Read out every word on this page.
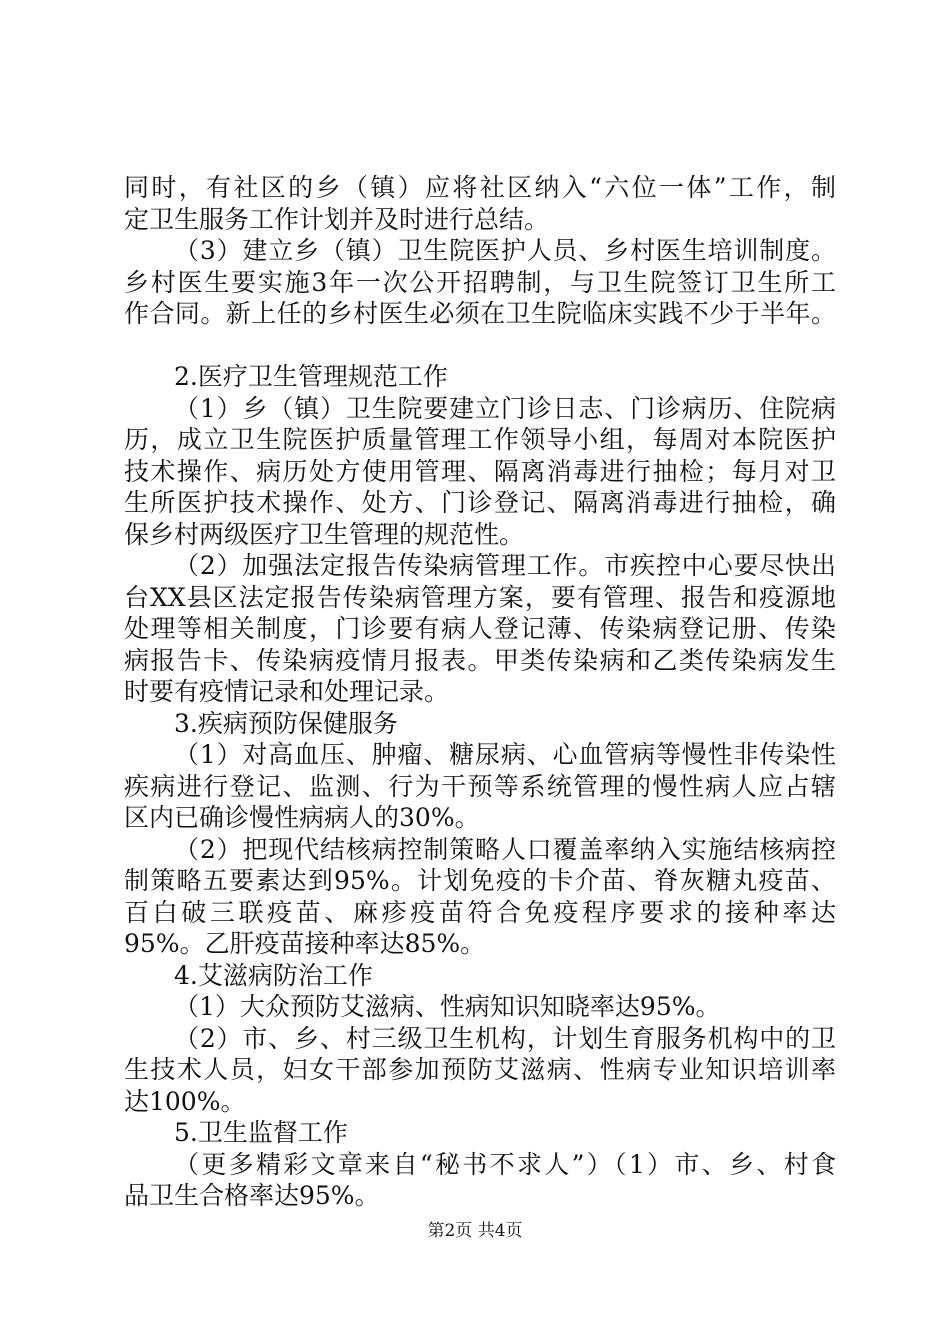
同时，有社区的乡（镇）应将社区纳入“六位一体”工作，制
定卫生服务工作计划并及时进行总结。
（3）建立乡（镇）卫生院医护人员、乡村医生培训制度。
乡村医生要实施3年一次公开招聘制，与卫生院签订卫生所工
作合同。新上任的乡村医生必须在卫生院临床实践不少于半年。
2.医疗卫生管理规范工作
（1）乡（镇）卫生院要建立门诊日志、门诊病历、住院病
历，成立卫生院医护质量管理工作领导小组，每周对本院医护
技术操作、病历处方使用管理、隔离消毒进行抽检；每月对卫
生所医护技术操作、处方、门诊登记、隔离消毒进行抽检，确
保乡村两级医疗卫生管理的规范性。
（2）加强法定报告传染病管理工作。市疾控中心要尽快出
台XX县区法定报告传染病管理方案，要有管理、报告和疫源地
处理等相关制度，门诊要有病人登记薄、传染病登记册、传染
病报告卡、传染病疫情月报表。甲类传染病和乙类传染病发生
时要有疫情记录和处理记录。
3.疾病预防保健服务
（1）对高血压、肿瘤、糖尿病、心血管病等慢性非传染性
疾病进行登记、监测、行为干预等系统管理的慢性病人应占辖
区内已确诊慢性病病人的30%。
（2）把现代结核病控制策略人口覆盖率纳入实施结核病控
制策略五要素达到95%。计划免疫的卡介苗、脊灰糖丸疫苗、
百白破三联疫苗、麻疹疫苗符合免疫程序要求的接种率达
95%。乙肝疫苗接种率达85%。
4.艾滋病防治工作
（1）大众预防艾滋病、性病知识知晓率达95%。
（2）市、乡、村三级卫生机构，计划生育服务机构中的卫
生技术人员，妇女干部参加预防艾滋病、性病专业知识培训率
达100%。
5.卫生监督工作
（更多精彩文章来自“秘书不求人”）（1）市、乡、村食
品卫生合格率达95%。
第2页 共4页
